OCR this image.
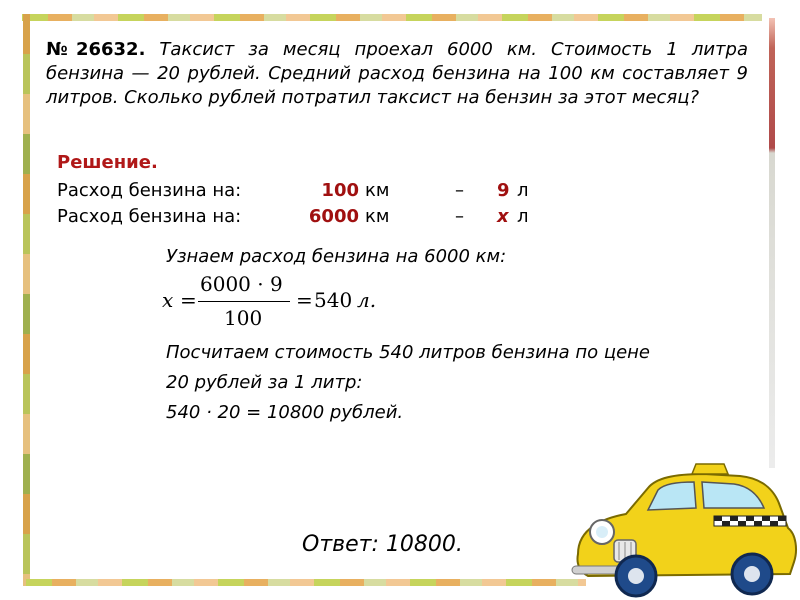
№26632. Таксист за месяц проехал 6000 км. Стоимость 1 литра бензина — 20 рублей. Средний расход бензина на 100 км составляет 9 литров. Сколько рублей потратил таксист на бензин за этот месяц?
Решение.
Расход бензина на:	100 км	– 9 л
Расход бензина на:	6000 км	– x л
Узнаем расход бензина на 6000 км:
x =
6000 · 9
100
= 540 л.
Посчитаем стоимость 540 литров бензина по цене
20 рублей за 1 литр:
540 · 20 = 10800 рублей.
Ответ: 10800.
